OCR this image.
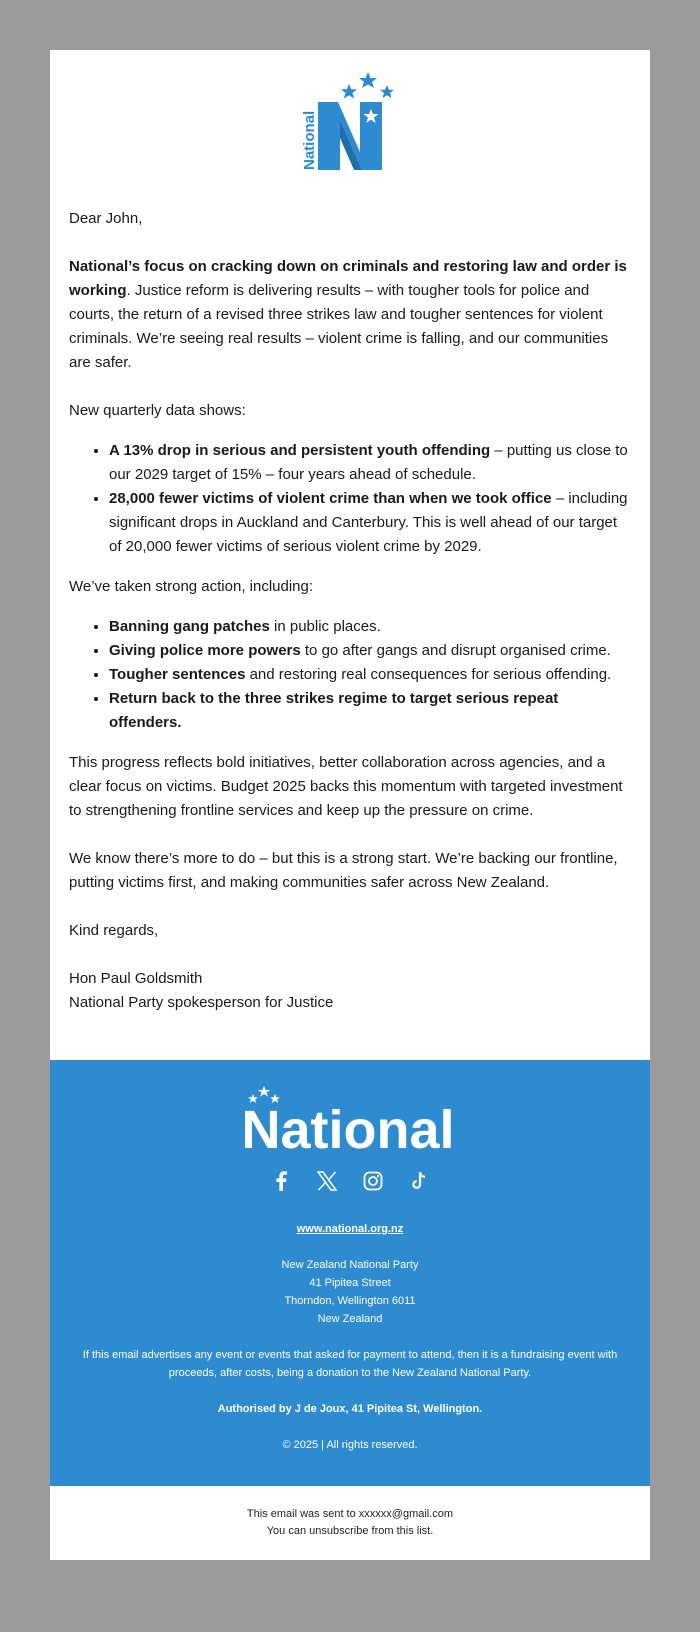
National

Dear John,

National’s focus on cracking down on criminals and restoring law and order is working. Justice reform is delivering results – with tougher tools for police and courts, the return of a revised three strikes law and tougher sentences for violent criminals. We’re seeing real results – violent crime is falling, and our communities are safer.

New quarterly data shows:

• A 13% drop in serious and persistent youth offending – putting us close to our 2029 target of 15% – four years ahead of schedule.
• 28,000 fewer victims of violent crime than when we took office – including significant drops in Auckland and Canterbury. This is well ahead of our target of 20,000 fewer victims of serious violent crime by 2029.

We’ve taken strong action, including:

• Banning gang patches in public places.
• Giving police more powers to go after gangs and disrupt organised crime.
• Tougher sentences and restoring real consequences for serious offending.
• Return back to the three strikes regime to target serious repeat offenders.

This progress reflects bold initiatives, better collaboration across agencies, and a clear focus on victims. Budget 2025 backs this momentum with targeted investment to strengthening frontline services and keep up the pressure on crime.

We know there’s more to do – but this is a strong start. We’re backing our frontline, putting victims first, and making communities safer across New Zealand.

Kind regards,

Hon Paul Goldsmith

National Party spokesperson for Justice

National
www.national.org.nz
New Zealand National Party
41 Pipitea Street
Thorndon, Wellington 6011
New Zealand
If this email advertises any event or events that asked for payment to attend, then it is a fundraising event with proceeds, after costs, being a donation to the New Zealand National Party.
Authorised by J de Joux, 41 Pipitea St, Wellington.
© 2025 | All rights reserved.
This email was sent to xxxxxx@gmail.com
You can unsubscribe from this list.
